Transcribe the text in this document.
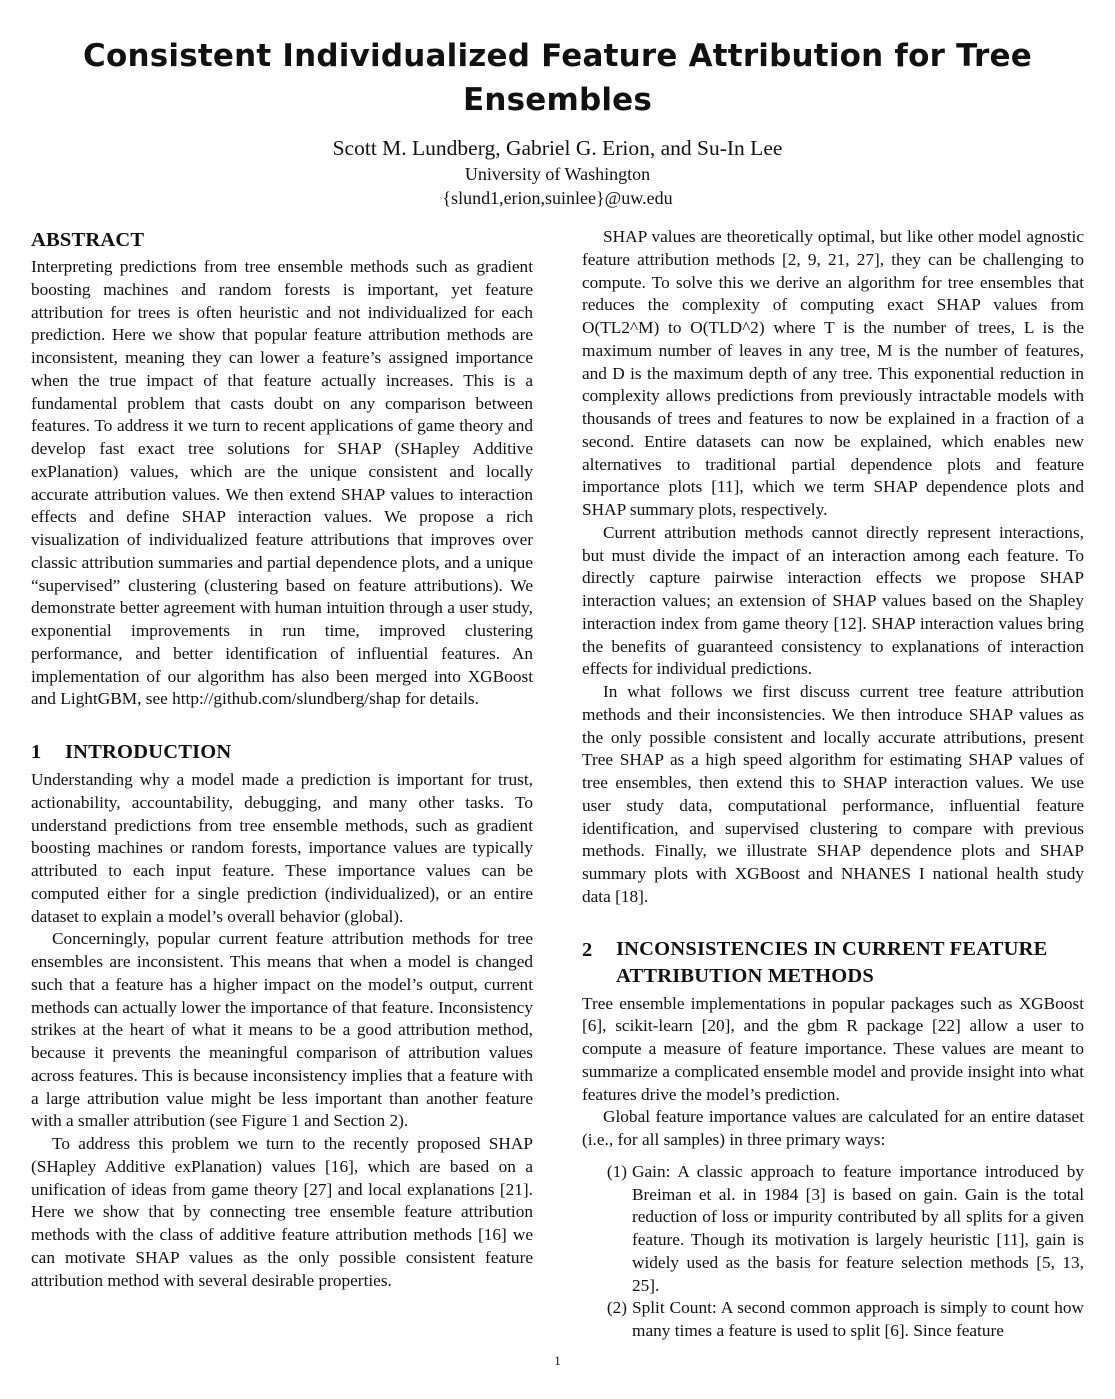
Consistent Individualized Feature Attribution for Tree Ensembles
Scott M. Lundberg, Gabriel G. Erion, and Su-In Lee
University of Washington
{slund1,erion,suinlee}@uw.edu
ABSTRACT

Interpreting predictions from tree ensemble methods such as gradient boosting machines and random forests is important, yet feature attribution for trees is often heuristic and not individualized for each prediction. Here we show that popular feature attribution methods are inconsistent, meaning they can lower a feature’s assigned importance when the true impact of that feature actually increases. This is a fundamental problem that casts doubt on any comparison between features. To address it we turn to recent applications of game theory and develop fast exact tree solutions for SHAP (SHapley Additive exPlanation) values, which are the unique consistent and locally accurate attribution values. We then extend SHAP values to interaction effects and define SHAP interaction values. We propose a rich visualization of individualized feature attributions that improves over classic attribution summaries and partial dependence plots, and a unique “supervised” clustering (clustering based on feature attributions). We demonstrate better agreement with human intuition through a user study, exponential improvements in run time, improved clustering performance, and better identification of influential features. An implementation of our algorithm has also been merged into XGBoost and LightGBM, see http://github.com/slundberg/shap for details.

1 INTRODUCTION

Understanding why a model made a prediction is important for trust, actionability, accountability, debugging, and many other tasks. To understand predictions from tree ensemble methods, such as gradient boosting machines or random forests, importance values are typically attributed to each input feature. These importance values can be computed either for a single prediction (individualized), or an entire dataset to explain a model’s overall behavior (global).

Concerningly, popular current feature attribution methods for tree ensembles are inconsistent. This means that when a model is changed such that a feature has a higher impact on the model’s output, current methods can actually lower the importance of that feature. Inconsistency strikes at the heart of what it means to be a good attribution method, because it prevents the meaningful comparison of attribution values across features. This is because inconsistency implies that a feature with a large attribution value might be less important than another feature with a smaller attribution (see Figure 1 and Section 2).

To address this problem we turn to the recently proposed SHAP (SHapley Additive exPlanation) values [16], which are based on a unification of ideas from game theory [27] and local explanations [21]. Here we show that by connecting tree ensemble feature attribution methods with the class of additive feature attribution methods [16] we can motivate SHAP values as the only possible consistent feature attribution method with several desirable properties.

SHAP values are theoretically optimal, but like other model agnostic feature attribution methods [2, 9, 21, 27], they can be challenging to compute. To solve this we derive an algorithm for tree ensembles that reduces the complexity of computing exact SHAP values from O(TL2^M) to O(TLD^2) where T is the number of trees, L is the maximum number of leaves in any tree, M is the number of features, and D is the maximum depth of any tree. This exponential reduction in complexity allows predictions from previously intractable models with thousands of trees and features to now be explained in a fraction of a second. Entire datasets can now be explained, which enables new alternatives to traditional partial dependence plots and feature importance plots [11], which we term SHAP dependence plots and SHAP summary plots, respectively.

Current attribution methods cannot directly represent interactions, but must divide the impact of an interaction among each feature. To directly capture pairwise interaction effects we propose SHAP interaction values; an extension of SHAP values based on the Shapley interaction index from game theory [12]. SHAP interaction values bring the benefits of guaranteed consistency to explanations of interaction effects for individual predictions.

In what follows we first discuss current tree feature attribution methods and their inconsistencies. We then introduce SHAP values as the only possible consistent and locally accurate attributions, present Tree SHAP as a high speed algorithm for estimating SHAP values of tree ensembles, then extend this to SHAP interaction values. We use user study data, computational performance, influential feature identification, and supervised clustering to compare with previous methods. Finally, we illustrate SHAP dependence plots and SHAP summary plots with XGBoost and NHANES I national health study data [18].

2	INCONSISTENCIES IN CURRENT FEATURE ATTRIBUTION METHODS

Tree ensemble implementations in popular packages such as XGBoost [6], scikit-learn [20], and the gbm R package [22] allow a user to compute a measure of feature importance. These values are meant to summarize a complicated ensemble model and provide insight into what features drive the model’s prediction.

Global feature importance values are calculated for an entire dataset (i.e., for all samples) in three primary ways:

(1) Gain: A classic approach to feature importance introduced by Breiman et al. in 1984 [3] is based on gain. Gain is the total reduction of loss or impurity contributed by all splits for a given feature. Though its motivation is largely heuristic [11], gain is widely used as the basis for feature selection methods [5, 13, 25].
(2) Split Count: A second common approach is simply to count how many times a feature is used to split [6]. Since feature
1
